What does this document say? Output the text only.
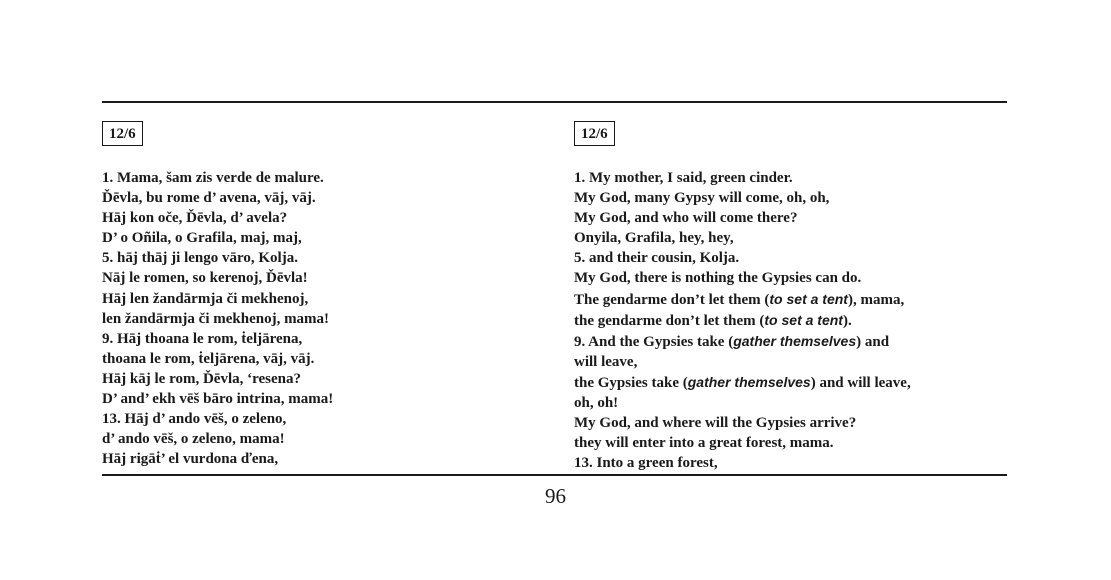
12/6
1. Mama, šam zis verde de malure.
Ďēvla, bu rome d’ avena, vāj, vāj.
Hāj kon oče, Ďēvla, d’ avela?
D’ o Oñila, o Grafila, maj, maj,
5. hāj thāj ji lengo vāro, Kolja.
Nāj le romen, so kerenoj, Ďēvla!
Hāj len žandārmja či mekhenoj,
len žandārmja či mekhenoj, mama!
9. Hāj thoana le rom, ṫeljārena,
thoana le rom, ṫeljārena, vāj, vāj.
Hāj kāj le rom, Ďēvla, ‘resena?
D’ and’ ekh vēš bāro intrina, mama!
13. Hāj d’ ando vēš, o zeleno,
d’ ando vēš, o zeleno, mama!
Hāj rigāṫ’ el vurdona ďena,
12/6
1. My mother, I said, green cinder.
My God, many Gypsy will come, oh, oh,
My God, and who will come there?
Onyila, Grafila, hey, hey,
5. and their cousin, Kolja.
My God, there is nothing the Gypsies can do.
The gendarme don’t let them (to set a tent), mama,
the gendarme don’t let them (to set a tent).
9. And the Gypsies take (gather themselves) and
will leave,
the Gypsies take (gather themselves) and will leave,
oh, oh!
My God, and where will the Gypsies arrive?
they will enter into a great forest, mama.
13. Into a green forest,
96
